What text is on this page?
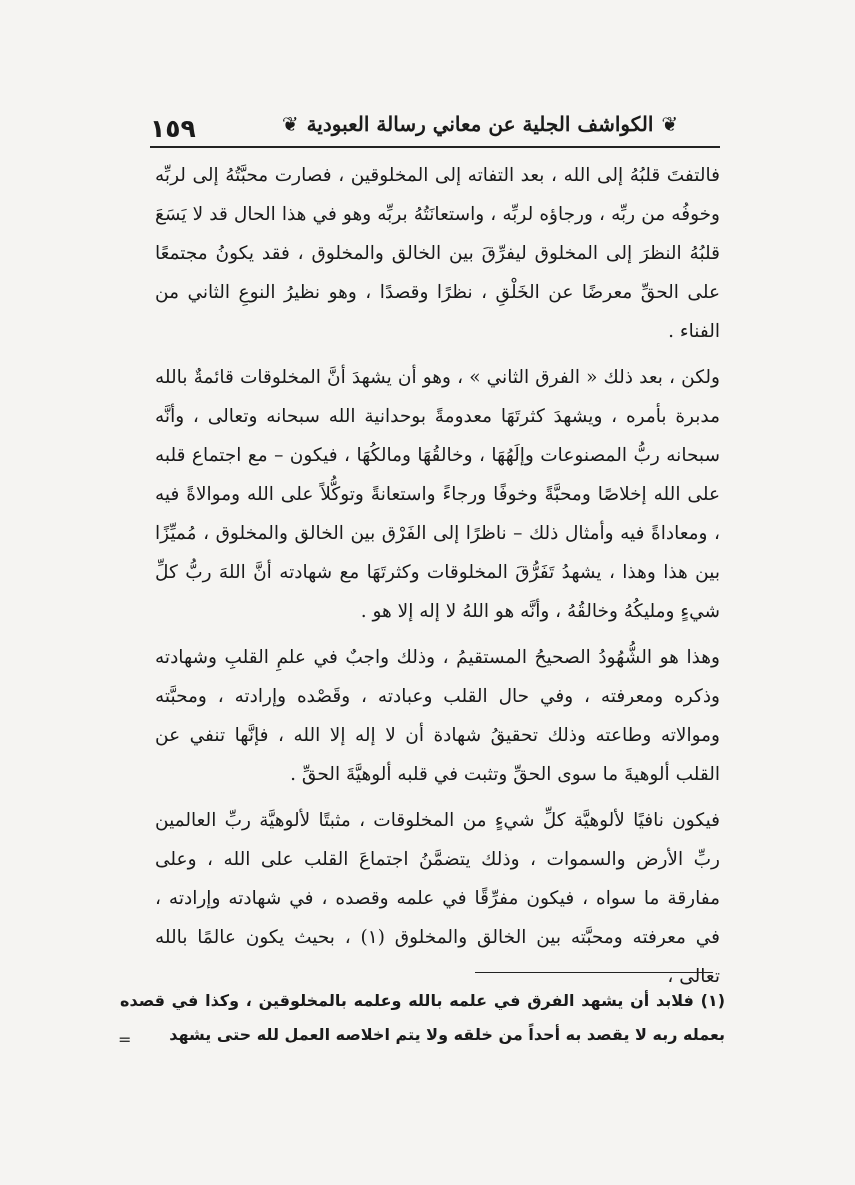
❦
الكواشف الجلية عن معاني رسالة العبودية
❦
١٥٩

فالتفتَ قلبُهُ إلى الله ، بعد التفاته إلى المخلوقين ، فصارت محبَّتُهُ إلى لربِّه وخوفُه من ربِّه ، ورجاؤه لربِّه ، واستعانَتُهُ بربِّه وهو في هذا الحال قد لا يَسَعَ قلبُهُ النظرَ إلى المخلوق ليفرِّقَ بين الخالق والمخلوق ، فقد يكونُ مجتمعًا على الحقِّ معرضًا عن الخَلْقِ ، نظرًا وقصدًا ، وهو نظيرُ النوعِ الثاني من الفناء .

ولكن ، بعد ذلك « الفرق الثاني » ، وهو أن يشهدَ أنَّ المخلوقات قائمةٌ بالله مدبرة بأمره ، ويشهدَ كثرتَهَا معدومةً بوحدانية الله سبحانه وتعالى ، وأنَّه سبحانه ربُّ المصنوعات وإلَهُهَا ، وخالقُهَا ومالكُهَا ، فيكون – مع اجتماع قلبه على الله إخلاصًا ومحبَّةً وخوفًا ورجاءً واستعانةً وتوكُّلاً على الله وموالاةً فيه ، ومعاداةً فيه وأمثال ذلك – ناظرًا إلى الفَرْق بين الخالق والمخلوق ، مُميِّزًا بين هذا وهذا ، يشهدُ تَفَرُّقَ المخلوقات وكثرتَهَا مع شهادته أنَّ اللهَ ربُّ كلِّ شيءٍ ومليكُهُ وخالقُهُ ، وأنَّه هو اللهُ لا إله إلا هو .

وهذا هو الشُّهُودُ الصحيحُ المستقيمُ ، وذلك واجبٌ في علمِ القلبِ وشهادته وذكره ومعرفته ، وفي حال القلب وعبادته ، وقَصْده وإرادته ، ومحبَّته وموالاته وطاعته وذلك تحقيقُ شهادة أن لا إله إلا الله ، فإنَّها تنفي عن القلب ألوهيةَ ما سوى الحقِّ وتثبت في قلبه ألوهيَّةَ الحقِّ .

فيكون نافيًا لألوهيَّة كلِّ شيءٍ من المخلوقات ، مثبتًا لألوهيَّة ربِّ العالمين ربِّ الأرض والسموات ، وذلك يتضمَّنُ اجتماعَ القلب على الله ، وعلى مفارقة ما سواه ، فيكون مفرِّقًا في علمه وقصده ، في شهادته وإرادته ، في معرفته ومحبَّته بين الخالق والمخلوق (١) ، بحيث يكون عالمًا بالله تعالى ،

(١) فلابد أن يشهد الفرق في علمه بالله وعلمه بالمخلوقين ، وكذا في قصده بعمله ربه لا يقصد به أحداً من خلقه ولا يتم اخلاصه العمل لله حتى يشهد

=
